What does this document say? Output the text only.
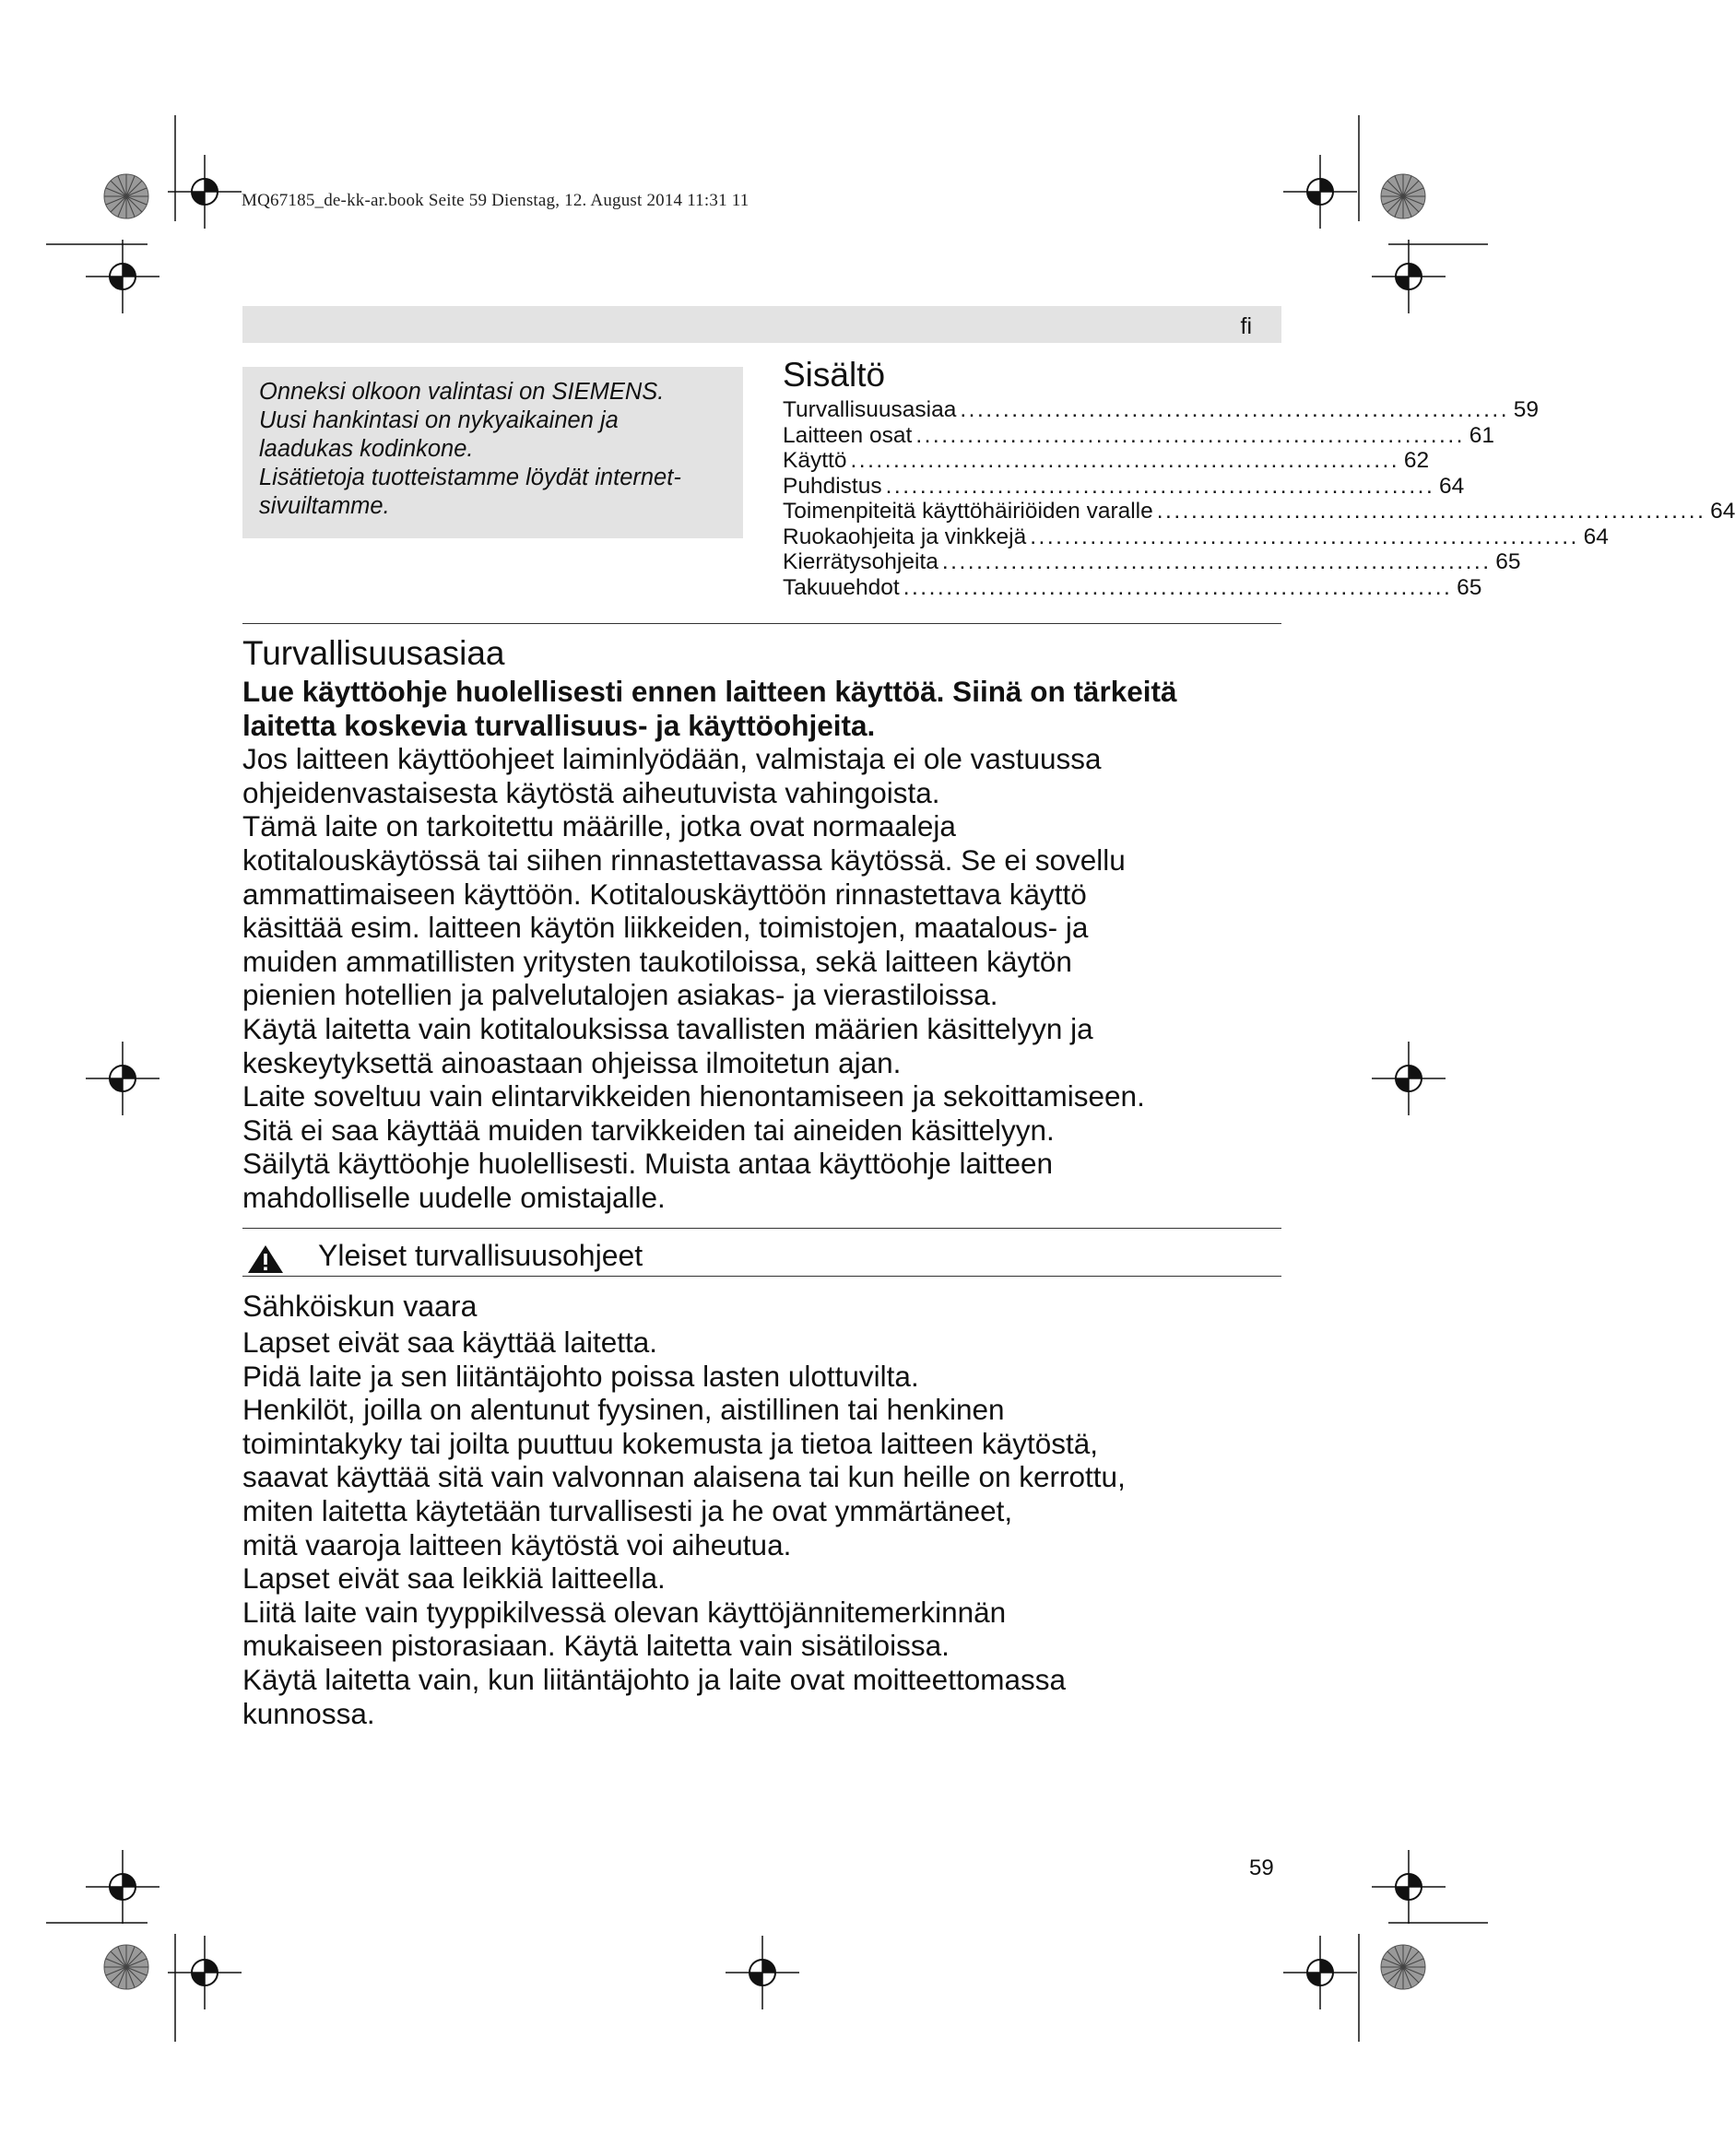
MQ67185_de-kk-ar.book Seite 59 Dienstag, 12. August 2014 11:31 11
fi
Onneksi olkoon valintasi on SIEMENS.
Uusi hankintasi on nykyaikainen ja
laadukas kodinkone.
Lisätietoja tuotteistamme löydät internet-
sivuiltamme.
Sisältö
Turvallisuusasiaa ................................................................ 59
Laitteen osat ................................................................ 61
Käyttö ................................................................ 62
Puhdistus ................................................................ 64
Toimenpiteitä käyttöhäiriöiden varalle ................................................................ 64
Ruokaohjeita ja vinkkejä ................................................................ 64
Kierrätysohjeita ................................................................ 65
Takuuehdot ................................................................ 65
Turvallisuusasiaa

Lue käyttöohje huolellisesti ennen laitteen käyttöä. Siinä on tärkeitä

laitetta koskevia turvallisuus- ja käyttöohjeita.

Jos laitteen käyttöohjeet laiminlyödään, valmistaja ei ole vastuussa

ohjeidenvastaisesta käytöstä aiheutuvista vahingoista.

Tämä laite on tarkoitettu määrille, jotka ovat normaaleja

kotitalouskäytössä tai siihen rinnastettavassa käytössä. Se ei sovellu

ammattimaiseen käyttöön. Kotitalouskäyttöön rinnastettava käyttö

käsittää esim. laitteen käytön liikkeiden, toimistojen, maatalous- ja

muiden ammatillisten yritysten taukotiloissa, sekä laitteen käytön

pienien hotellien ja palvelutalojen asiakas- ja vierastiloissa.

Käytä laitetta vain kotitalouksissa tavallisten määrien käsittelyyn ja

keskeytyksettä ainoastaan ohjeissa ilmoitetun ajan.

Laite soveltuu vain elintarvikkeiden hienontamiseen ja sekoittamiseen.

Sitä ei saa käyttää muiden tarvikkeiden tai aineiden käsittelyyn.

Säilytä käyttöohje huolellisesti. Muista antaa käyttöohje laitteen

mahdolliselle uudelle omistajalle.

Yleiset turvallisuusohjeet
Sähköiskun vaara

Lapset eivät saa käyttää laitetta.

Pidä laite ja sen liitäntäjohto poissa lasten ulottuvilta.

Henkilöt, joilla on alentunut fyysinen, aistillinen tai henkinen

toimintakyky tai joilta puuttuu kokemusta ja tietoa laitteen käytöstä,

saavat käyttää sitä vain valvonnan alaisena tai kun heille on kerrottu,

miten laitetta käytetään turvallisesti ja he ovat ymmärtäneet,

mitä vaaroja laitteen käytöstä voi aiheutua.

Lapset eivät saa leikkiä laitteella.

Liitä laite vain tyyppikilvessä olevan käyttöjännitemerkinnän

mukaiseen pistorasiaan. Käytä laitetta vain sisätiloissa.

Käytä laitetta vain, kun liitäntäjohto ja laite ovat moitteettomassa

kunnossa.

59
